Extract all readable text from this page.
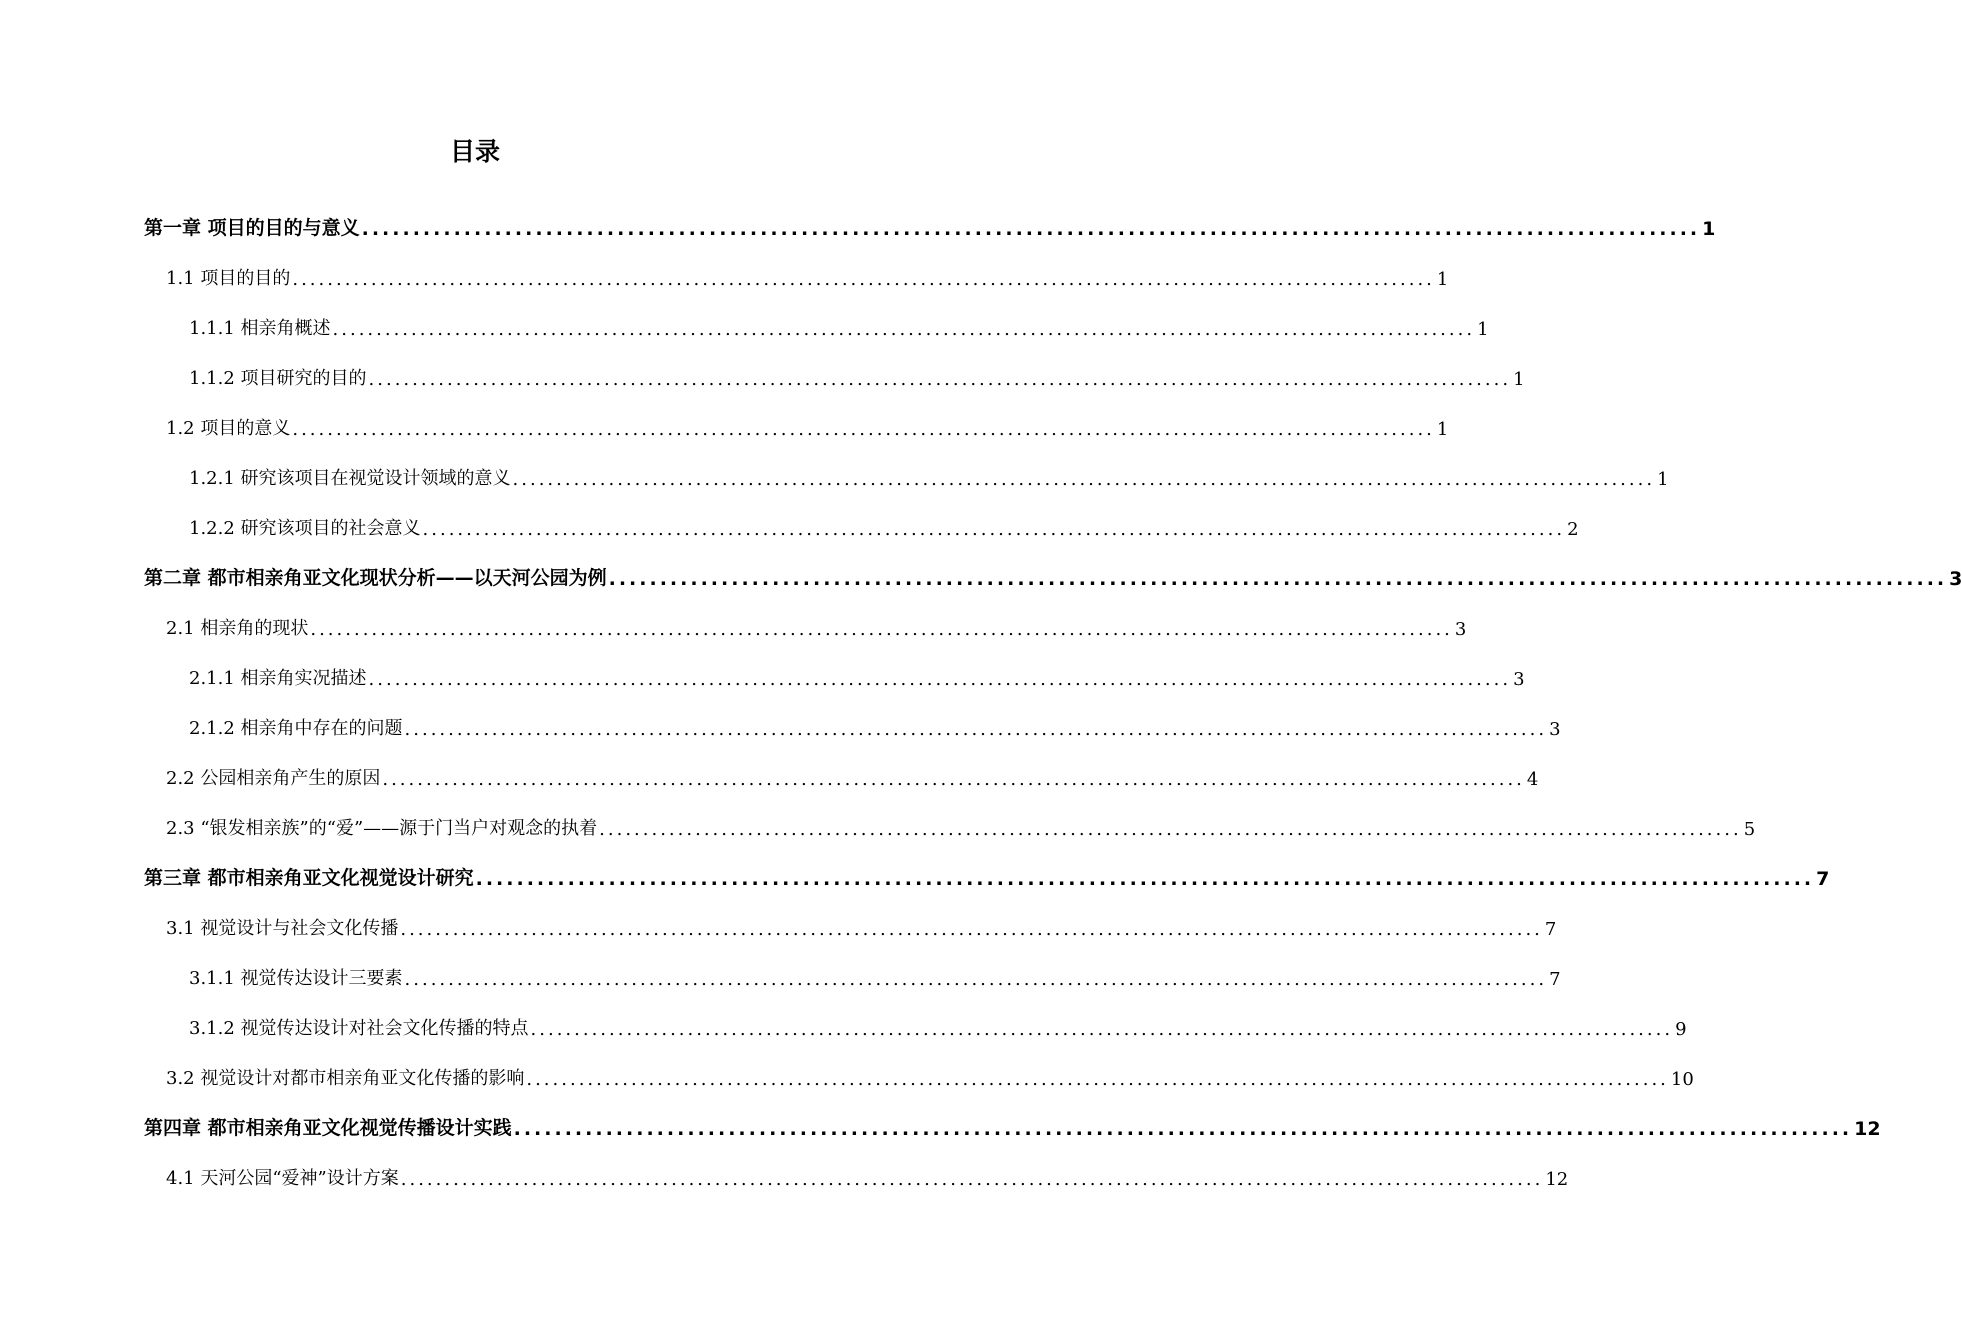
目录
第一章 项目的目的与意义 ................................................................................................................................... 1
1.1 项目的目的 ................................................................................................................................... 1
1.1.1 相亲角概述 ................................................................................................................................... 1
1.1.2 项目研究的目的 ................................................................................................................................... 1
1.2 项目的意义 ................................................................................................................................... 1
1.2.1 研究该项目在视觉设计领域的意义 ................................................................................................................................... 1
1.2.2 研究该项目的社会意义 ................................................................................................................................... 2
第二章 都市相亲角亚文化现状分析——以天河公园为例 ................................................................................................................................... 3
2.1 相亲角的现状 ................................................................................................................................... 3
2.1.1 相亲角实况描述 ................................................................................................................................... 3
2.1.2 相亲角中存在的问题 ................................................................................................................................... 3
2.2 公园相亲角产生的原因 ................................................................................................................................... 4
2.3 “银发相亲族”的“爱”——源于门当户对观念的执着 ................................................................................................................................... 5
第三章 都市相亲角亚文化视觉设计研究 ................................................................................................................................... 7
3.1 视觉设计与社会文化传播 ................................................................................................................................... 7
3.1.1 视觉传达设计三要素 ................................................................................................................................... 7
3.1.2 视觉传达设计对社会文化传播的特点 ................................................................................................................................... 9
3.2 视觉设计对都市相亲角亚文化传播的影响 ................................................................................................................................... 10
第四章 都市相亲角亚文化视觉传播设计实践 ................................................................................................................................... 12
4.1 天河公园“爱神”设计方案 ................................................................................................................................... 12
